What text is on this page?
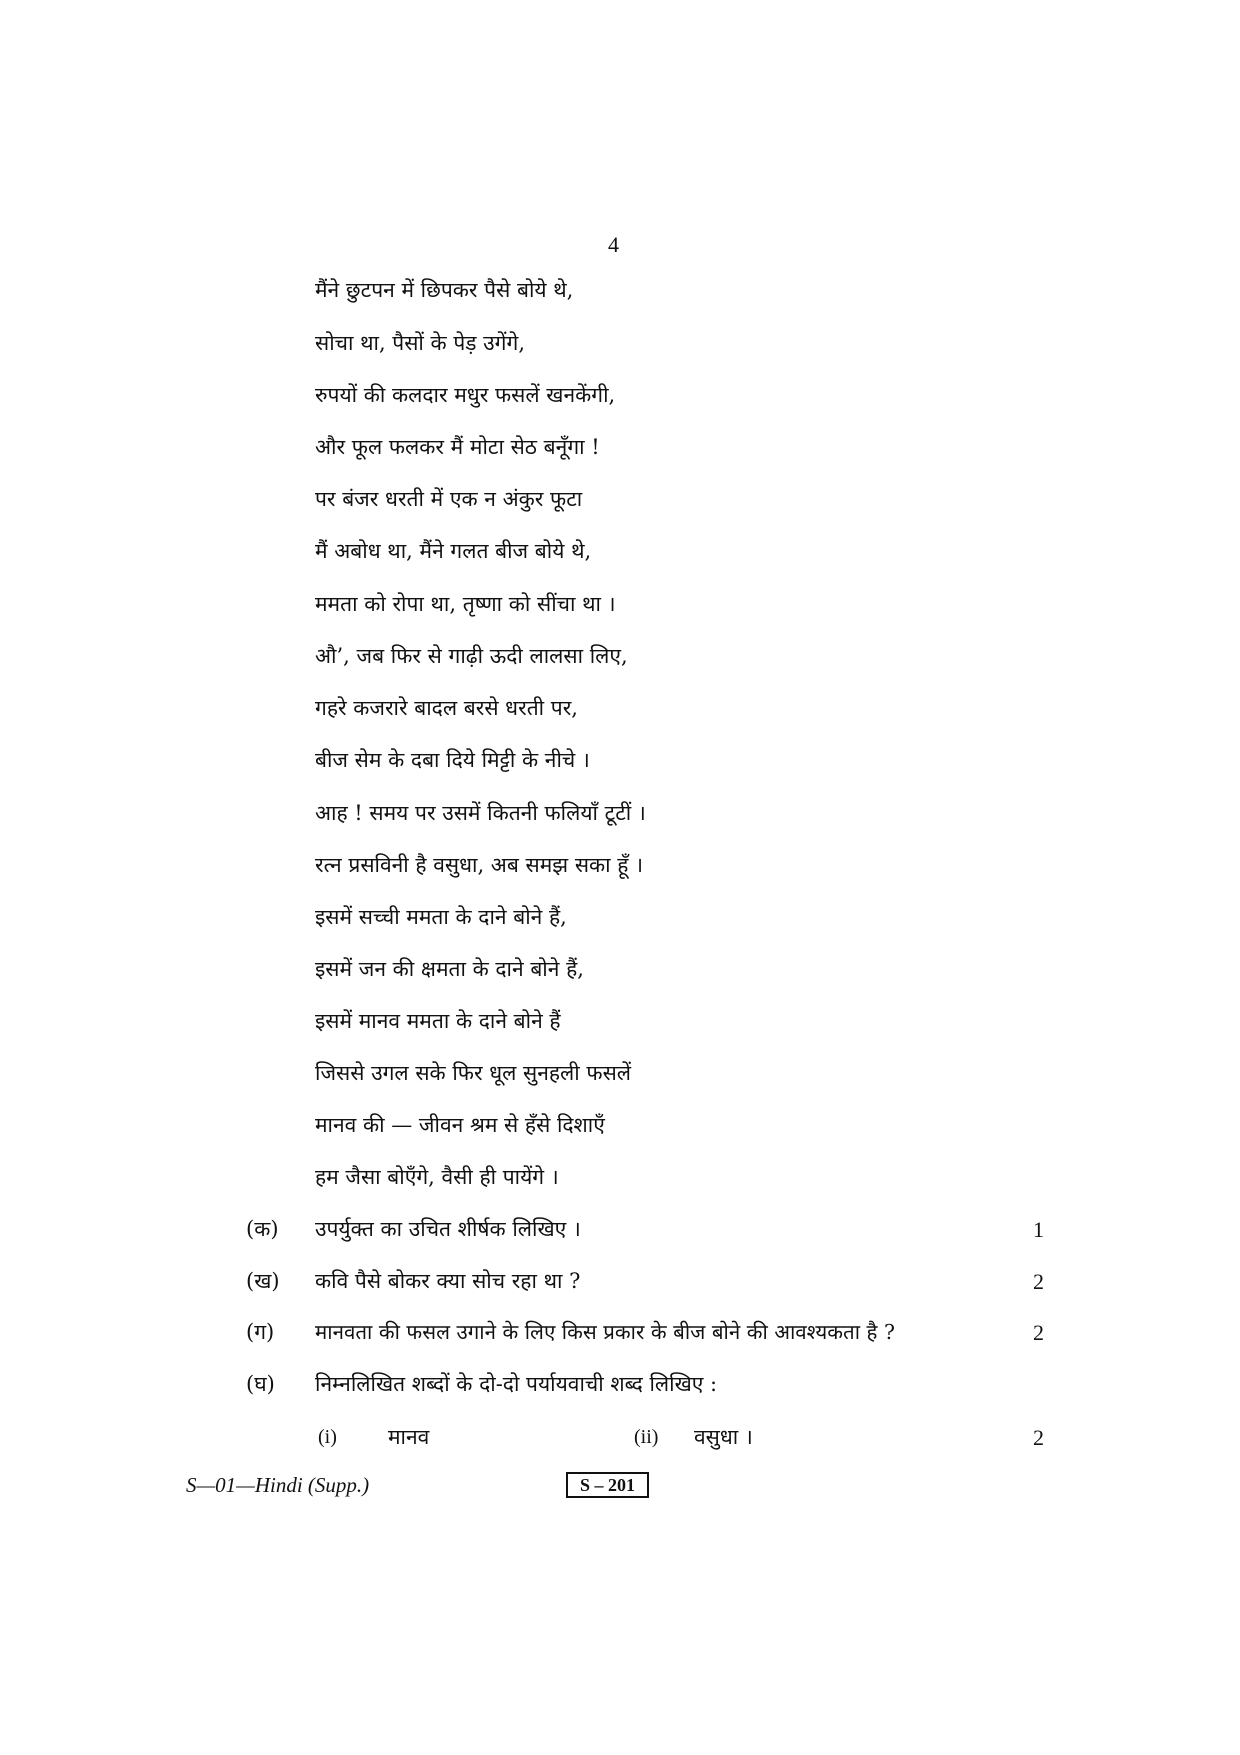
4
मैंने छुटपन में छिपकर पैसे बोये थे,
सोचा था, पैसों के पेड़ उगेंगे,
रुपयों की कलदार मधुर फसलें खनकेंगी,
और फूल फलकर मैं मोटा सेठ बनूँगा !
पर बंजर धरती में एक न अंकुर फूटा
मैं अबोध था, मैंने गलत बीज बोये थे,
ममता को रोपा था, तृष्णा को सींचा था ।
औ’, जब फिर से गाढ़ी ऊदी लालसा लिए,
गहरे कजरारे बादल बरसे धरती पर,
बीज सेम के दबा दिये मिट्टी के नीचे ।
आह ! समय पर उसमें कितनी फलियाँ टूटीं ।
रत्न प्रसविनी है वसुधा, अब समझ सका हूँ ।
इसमें सच्ची ममता के दाने बोने हैं,
इसमें जन की क्षमता के दाने बोने हैं,
इसमें मानव ममता के दाने बोने हैं
जिससे उगल सके फिर धूल सुनहली फसलें
मानव की — जीवन श्रम से हँसे दिशाएँ
हम जैसा बोएँगे, वैसी ही पायेंगे ।
(क) उपर्युक्त का उचित शीर्षक लिखिए ।	1
(ख) कवि पैसे बोकर क्या सोच रहा था ?	2
(ग) मानवता की फसल उगाने के लिए किस प्रकार के बीज बोने की आवश्यकता है ?	2
(घ) निम्नलिखित शब्दों के दो-दो पर्यायवाची शब्द लिखिए :
(i) मानव	(ii) वसुधा ।	2
S—01—Hindi (Supp.)	S – 201
